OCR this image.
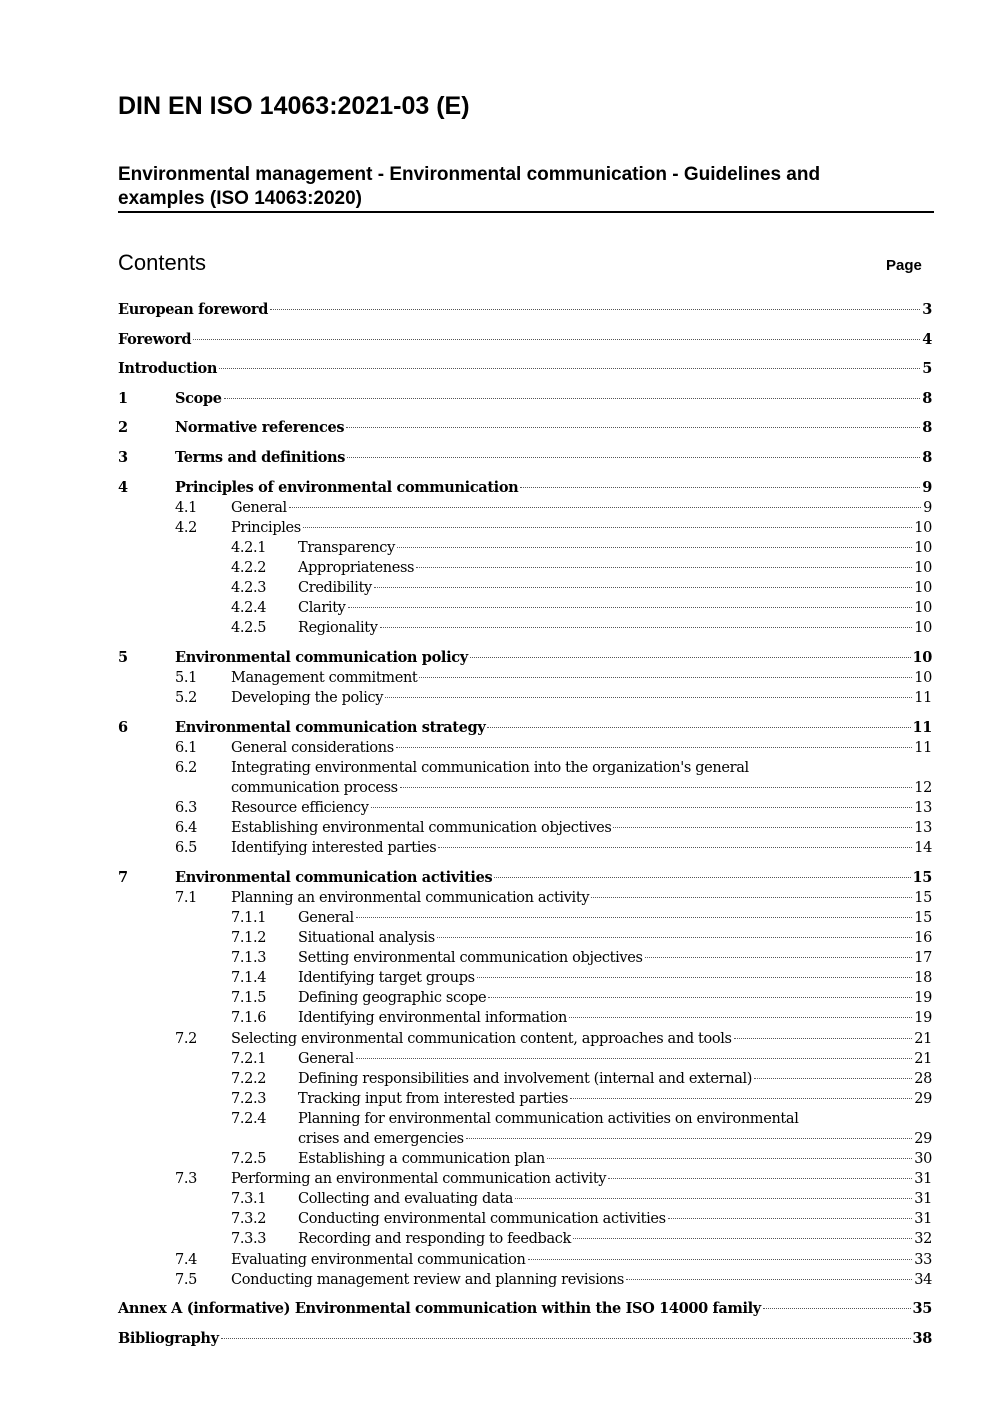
DIN EN ISO 14063:2021-03 (E)
Environmental management - Environmental communication - Guidelines and examples (ISO 14063:2020)
Contents	Page
European foreword	3
Foreword	4
Introduction	5
1	Scope	8
2	Normative references	8
3	Terms and definitions	8
4	Principles of environmental communication	9
4.1 General	9
4.2 Principles	10
4.2.1 Transparency	10
4.2.2 Appropriateness	10
4.2.3 Credibility	10
4.2.4 Clarity	10
4.2.5 Regionality	10
5	Environmental communication policy	10
5.1 Management commitment	10
5.2 Developing the policy	11
6	Environmental communication strategy	11
6.1 General considerations	11
6.2 Integrating environmental communication into the organization's general
communication process	12
6.3 Resource efficiency	13
6.4 Establishing environmental communication objectives	13
6.5 Identifying interested parties	14
7	Environmental communication activities	15
7.1 Planning an environmental communication activity	15
7.1.1 General	15
7.1.2 Situational analysis	16
7.1.3 Setting environmental communication objectives	17
7.1.4 Identifying target groups	18
7.1.5 Defining geographic scope	19
7.1.6 Identifying environmental information	19
7.2 Selecting environmental communication content, approaches and tools	21
7.2.1 General	21
7.2.2 Defining responsibilities and involvement (internal and external)	28
7.2.3 Tracking input from interested parties	29
7.2.4 Planning for environmental communication activities on environmental
crises and emergencies	29
7.2.5 Establishing a communication plan	30
7.3 Performing an environmental communication activity	31
7.3.1 Collecting and evaluating data	31
7.3.2 Conducting environmental communication activities	31
7.3.3 Recording and responding to feedback	32
7.4 Evaluating environmental communication	33
7.5 Conducting management review and planning revisions	34
Annex A (informative) Environmental communication within the ISO 14000 family	35
Bibliography	38
